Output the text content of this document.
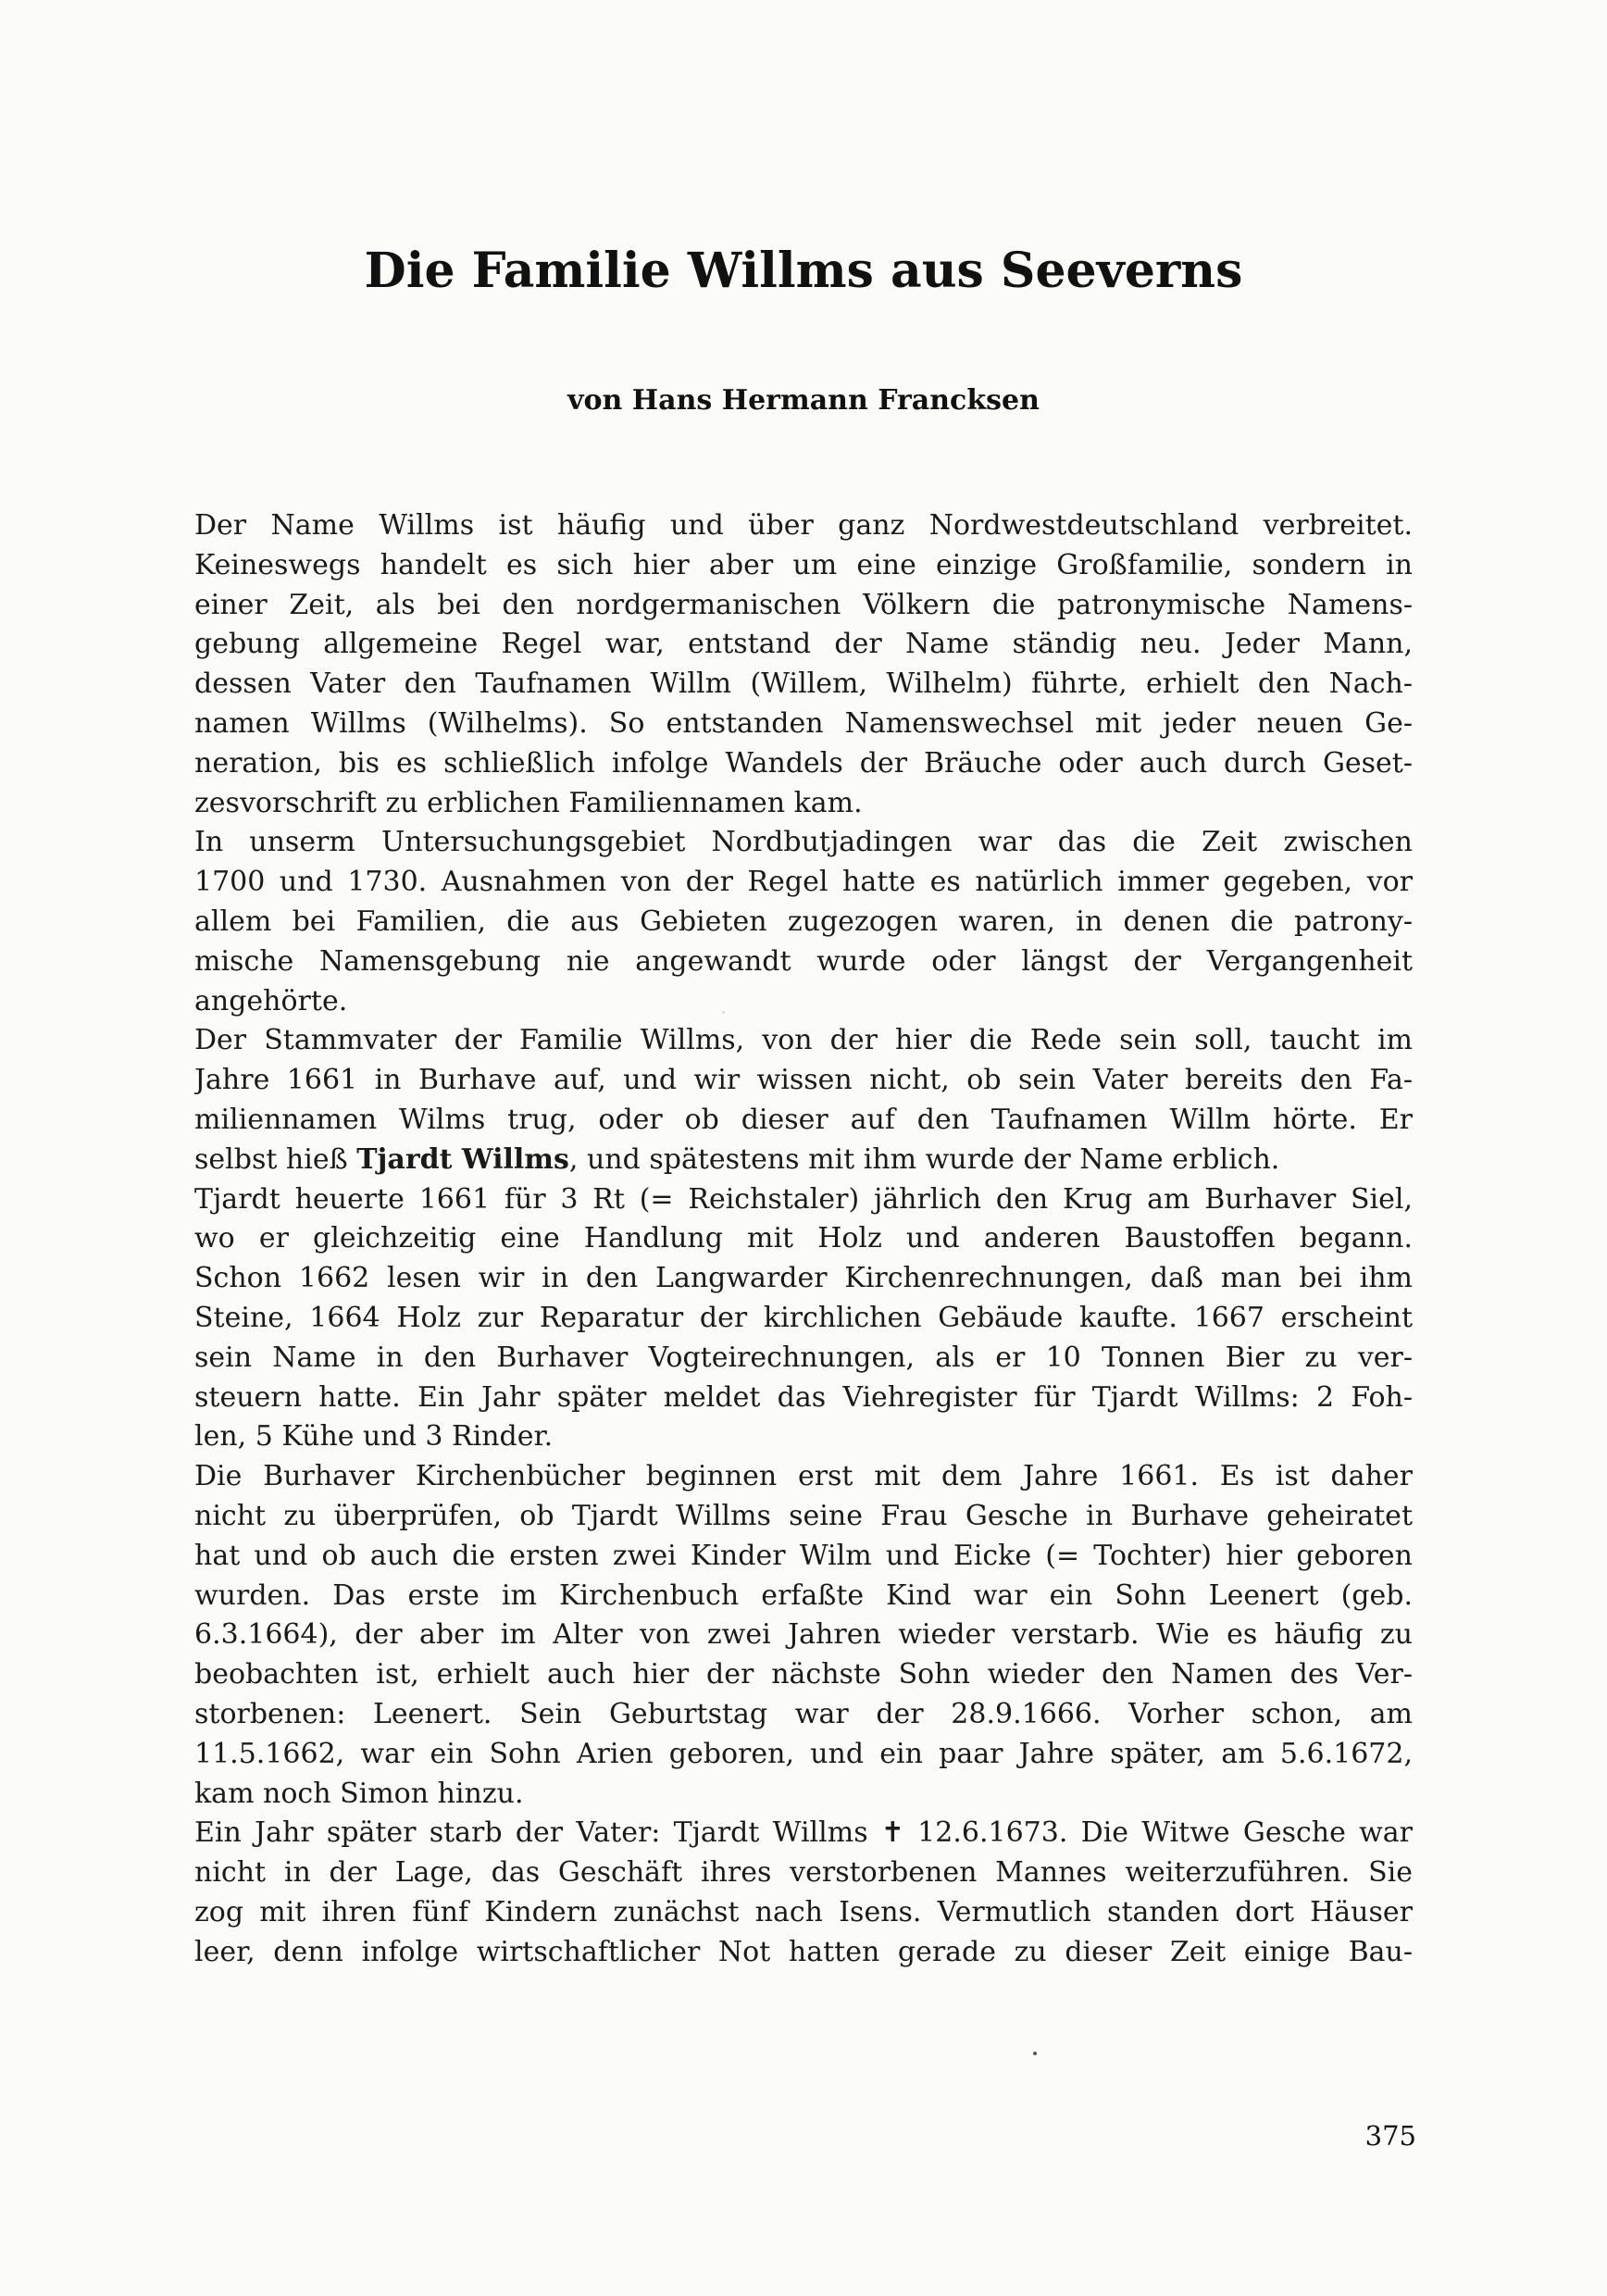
Die Familie Willms aus Seeverns
von Hans Hermann Francksen
Der Name Willms ist häufig und über ganz Nordwestdeutschland verbreitet.
Keineswegs handelt es sich hier aber um eine einzige Großfamilie, sondern in
einer Zeit, als bei den nordgermanischen Völkern die patronymische Namens-
gebung allgemeine Regel war, entstand der Name ständig neu. Jeder Mann,
dessen Vater den Taufnamen Willm (Willem, Wilhelm) führte, erhielt den Nach-
namen Willms (Wilhelms). So entstanden Namenswechsel mit jeder neuen Ge-
neration, bis es schließlich infolge Wandels der Bräuche oder auch durch Geset-
zesvorschrift zu erblichen Familiennamen kam.
In unserm Untersuchungsgebiet Nordbutjadingen war das die Zeit zwischen
1700 und 1730. Ausnahmen von der Regel hatte es natürlich immer gegeben, vor
allem bei Familien, die aus Gebieten zugezogen waren, in denen die patrony-
mische Namensgebung nie angewandt wurde oder längst der Vergangenheit
angehörte.
Der Stammvater der Familie Willms, von der hier die Rede sein soll, taucht im
Jahre 1661 in Burhave auf, und wir wissen nicht, ob sein Vater bereits den Fa-
miliennamen Wilms trug, oder ob dieser auf den Taufnamen Willm hörte. Er
selbst hieß Tjardt Willms, und spätestens mit ihm wurde der Name erblich.
Tjardt heuerte 1661 für 3 Rt (= Reichstaler) jährlich den Krug am Burhaver Siel,
wo er gleichzeitig eine Handlung mit Holz und anderen Baustoffen begann.
Schon 1662 lesen wir in den Langwarder Kirchenrechnungen, daß man bei ihm
Steine, 1664 Holz zur Reparatur der kirchlichen Gebäude kaufte. 1667 erscheint
sein Name in den Burhaver Vogteirechnungen, als er 10 Tonnen Bier zu ver-
steuern hatte. Ein Jahr später meldet das Viehregister für Tjardt Willms: 2 Foh-
len, 5 Kühe und 3 Rinder.
Die Burhaver Kirchenbücher beginnen erst mit dem Jahre 1661. Es ist daher
nicht zu überprüfen, ob Tjardt Willms seine Frau Gesche in Burhave geheiratet
hat und ob auch die ersten zwei Kinder Wilm und Eicke (= Tochter) hier geboren
wurden. Das erste im Kirchenbuch erfaßte Kind war ein Sohn Leenert (geb.
6.3.1664), der aber im Alter von zwei Jahren wieder verstarb. Wie es häufig zu
beobachten ist, erhielt auch hier der nächste Sohn wieder den Namen des Ver-
storbenen: Leenert. Sein Geburtstag war der 28.9.1666. Vorher schon, am
11.5.1662, war ein Sohn Arien geboren, und ein paar Jahre später, am 5.6.1672,
kam noch Simon hinzu.
Ein Jahr später starb der Vater: Tjardt Willms ✝ 12.6.1673. Die Witwe Gesche war
nicht in der Lage, das Geschäft ihres verstorbenen Mannes weiterzuführen. Sie
zog mit ihren fünf Kindern zunächst nach Isens. Vermutlich standen dort Häuser
leer, denn infolge wirtschaftlicher Not hatten gerade zu dieser Zeit einige Bau-
375
